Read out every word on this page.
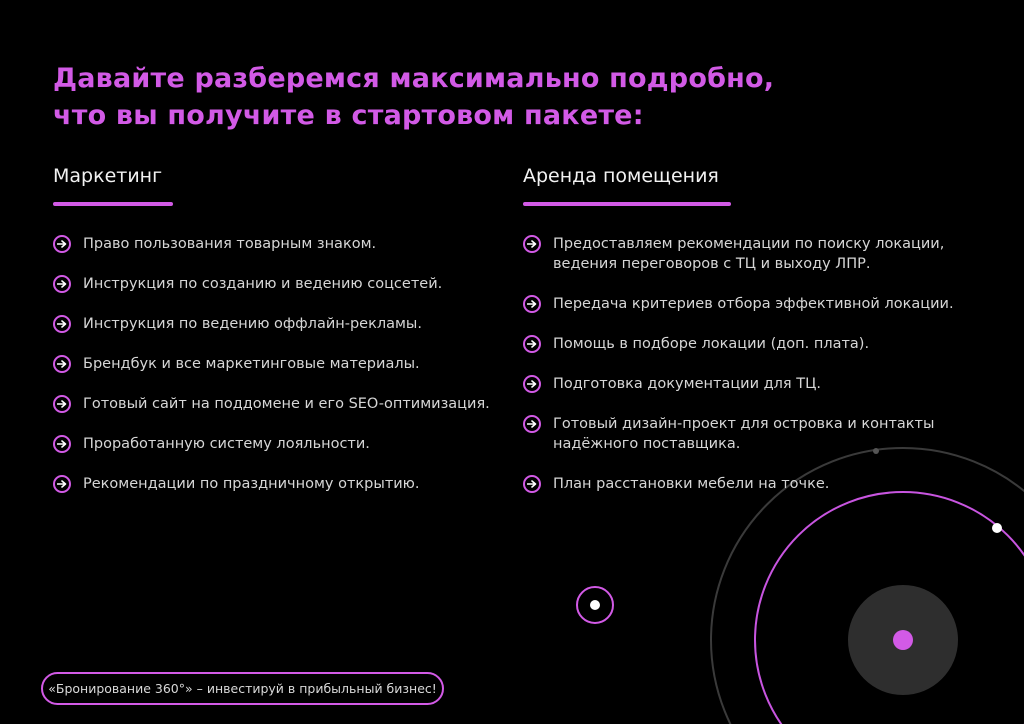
Давайте разберемся максимально подробно, что вы получите в стартовом пакете:
Маркетинг
Право пользования товарным знаком.
Инструкция по созданию и ведению соцсетей.
Инструкция по ведению оффлайн-рекламы.
Брендбук и все маркетинговые материалы.
Готовый сайт на поддомене и его SEO-оптимизация.
Проработанную систему лояльности.
Рекомендации по праздничному открытию.
Аренда помещения
Предоставляем рекомендации по поиску локации, ведения переговоров с ТЦ и выходу ЛПР.
Передача критериев отбора эффективной локации.
Помощь в подборе локации (доп. плата).
Подготовка документации для ТЦ.
Готовый дизайн-проект для островка и контакты надёжного поставщика.
План расстановки мебели на точке.
«Бронирование 360°» – инвестируй в прибыльный бизнес!
